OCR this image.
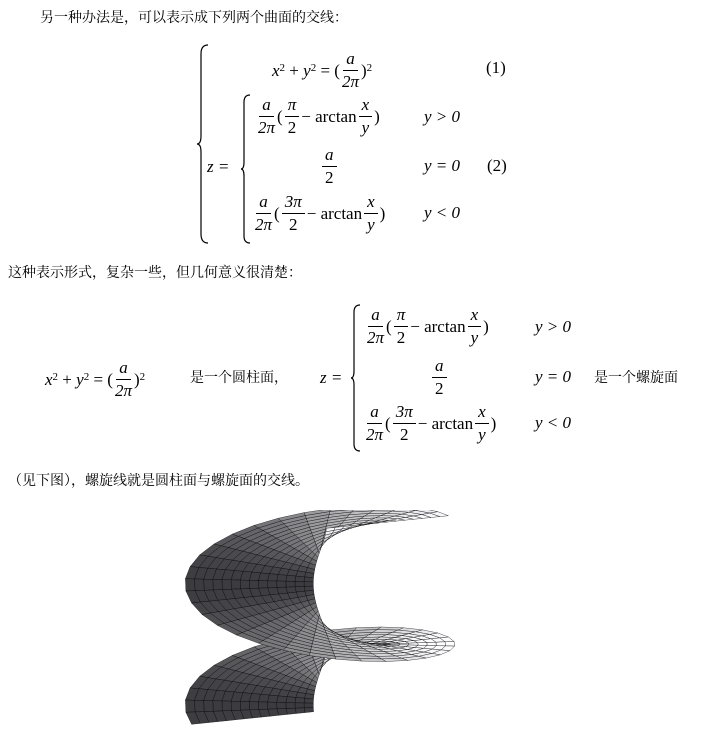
另一种办法是，可以表示成下列两个曲面的交线：
$x^2$
+
$y^2$
=
( $\frac{a}{2\pi} )^2$	(1)
z =
$\frac{a}{2\pi}$ ( $\frac{\pi}{2}$ −
$\arctan \frac{x}{y}$ )	y > 0
$\frac{a}{2}$	y = 0 (2)
$\frac{a}{2\pi}$ ( $\frac{3\pi}{2}$ −
$\arctan \frac{x}{y}$ ) y < 0
这种表示形式，复杂一些，但几何意义很清楚：
$x^2$
+
$y^2$
=
( $\frac{a}{2\pi} )^2$	是一个圆柱面， z =
$\frac{a}{2\pi}$ ( $\frac{\pi}{2}$ −
$\arctan \frac{x}{y}$ )	y > 0
$\frac{a}{2}$	y = 0 是一个螺旋面
$\frac{a}{2\pi}$ ( $\frac{3\pi}{2}$ −
$\arctan \frac{x}{y}$ ) y < 0
（见下图），螺旋线就是圆柱面与螺旋面的交线。
